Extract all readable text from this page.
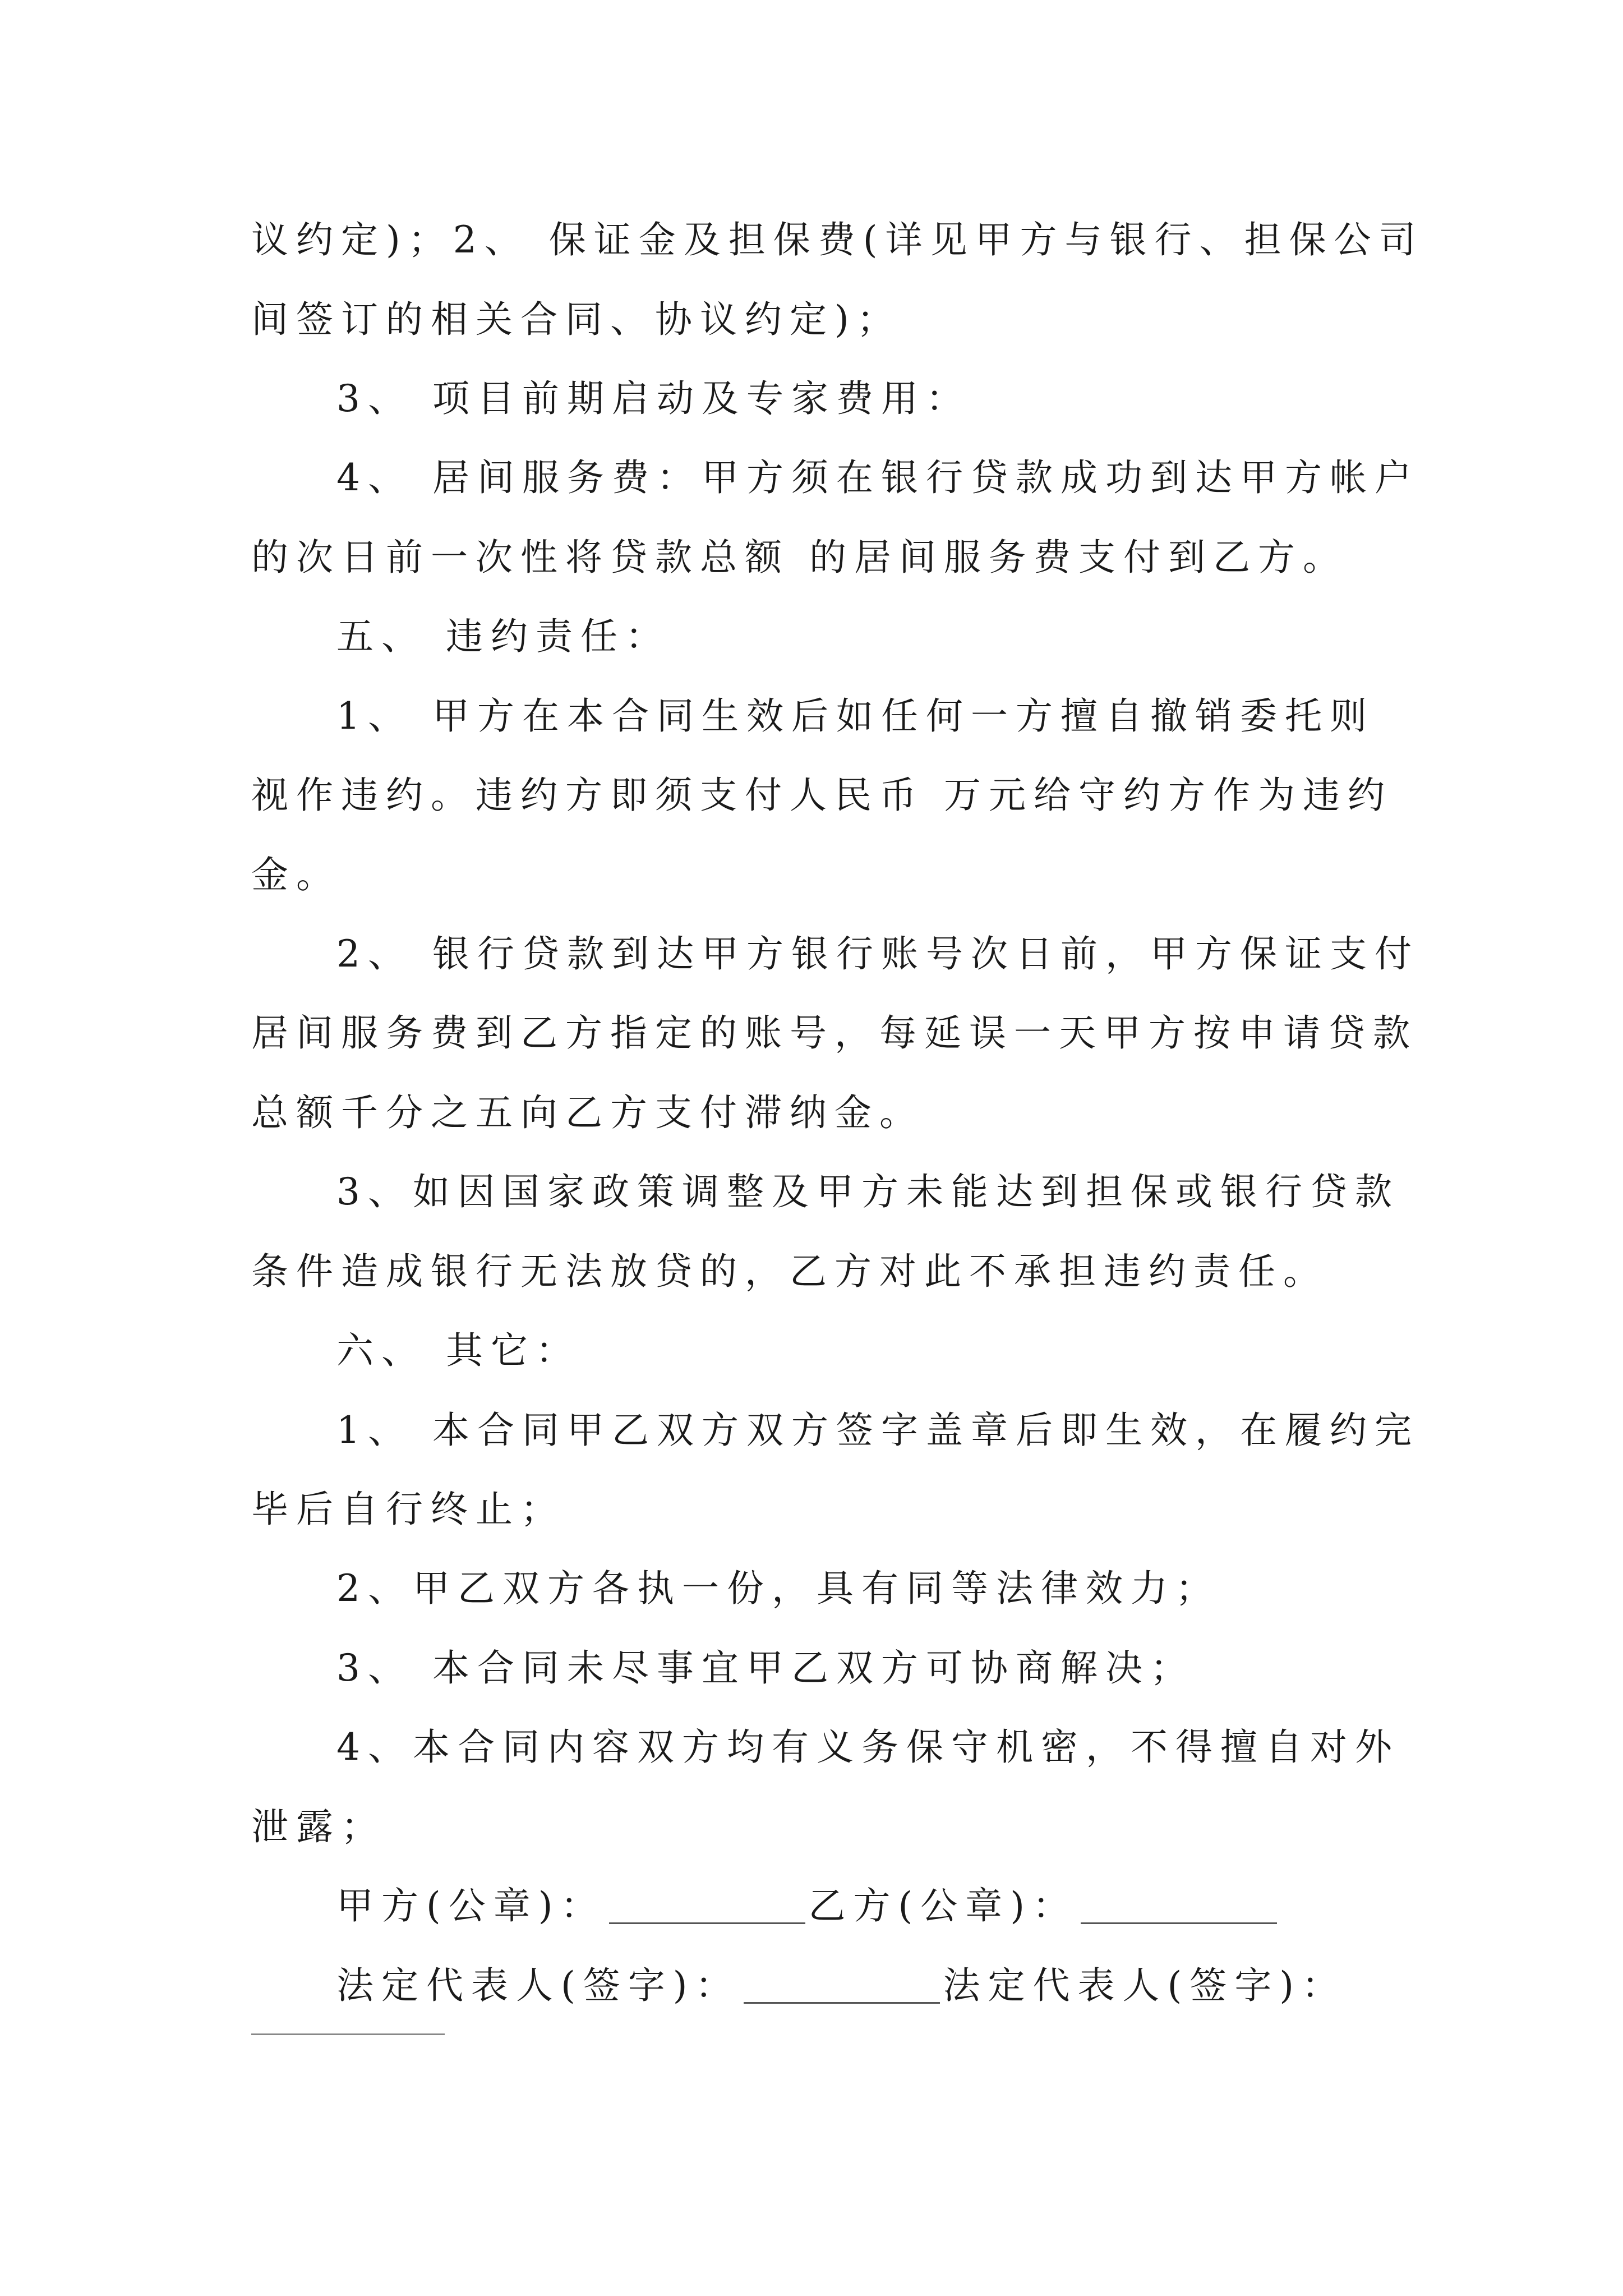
议约定)；2、 保证金及担保费(详见甲方与银行、担保公司
间签订的相关合同、协议约定)；
3、 项目前期启动及专家费用：
4、 居间服务费：甲方须在银行贷款成功到达甲方帐户
的次日前一次性将贷款总额 的居间服务费支付到乙方。
五、 违约责任：
1、 甲方在本合同生效后如任何一方擅自撤销委托则
视作违约。违约方即须支付人民币 万元给守约方作为违约
金。
2、 银行贷款到达甲方银行账号次日前，甲方保证支付
居间服务费到乙方指定的账号，每延误一天甲方按申请贷款
总额千分之五向乙方支付滞纳金。
3、如因国家政策调整及甲方未能达到担保或银行贷款
条件造成银行无法放贷的，乙方对此不承担违约责任。
六、 其它：
1、 本合同甲乙双方双方签字盖章后即生效，在履约完
毕后自行终止；
2、甲乙双方各执一份，具有同等法律效力；
3、 本合同未尽事宜甲乙双方可协商解决；
4、本合同内容双方均有义务保守机密，不得擅自对外
泄露；
甲方(公章)：	乙方(公章)：
法定代表人(签字)：	法定代表人(签字)：
